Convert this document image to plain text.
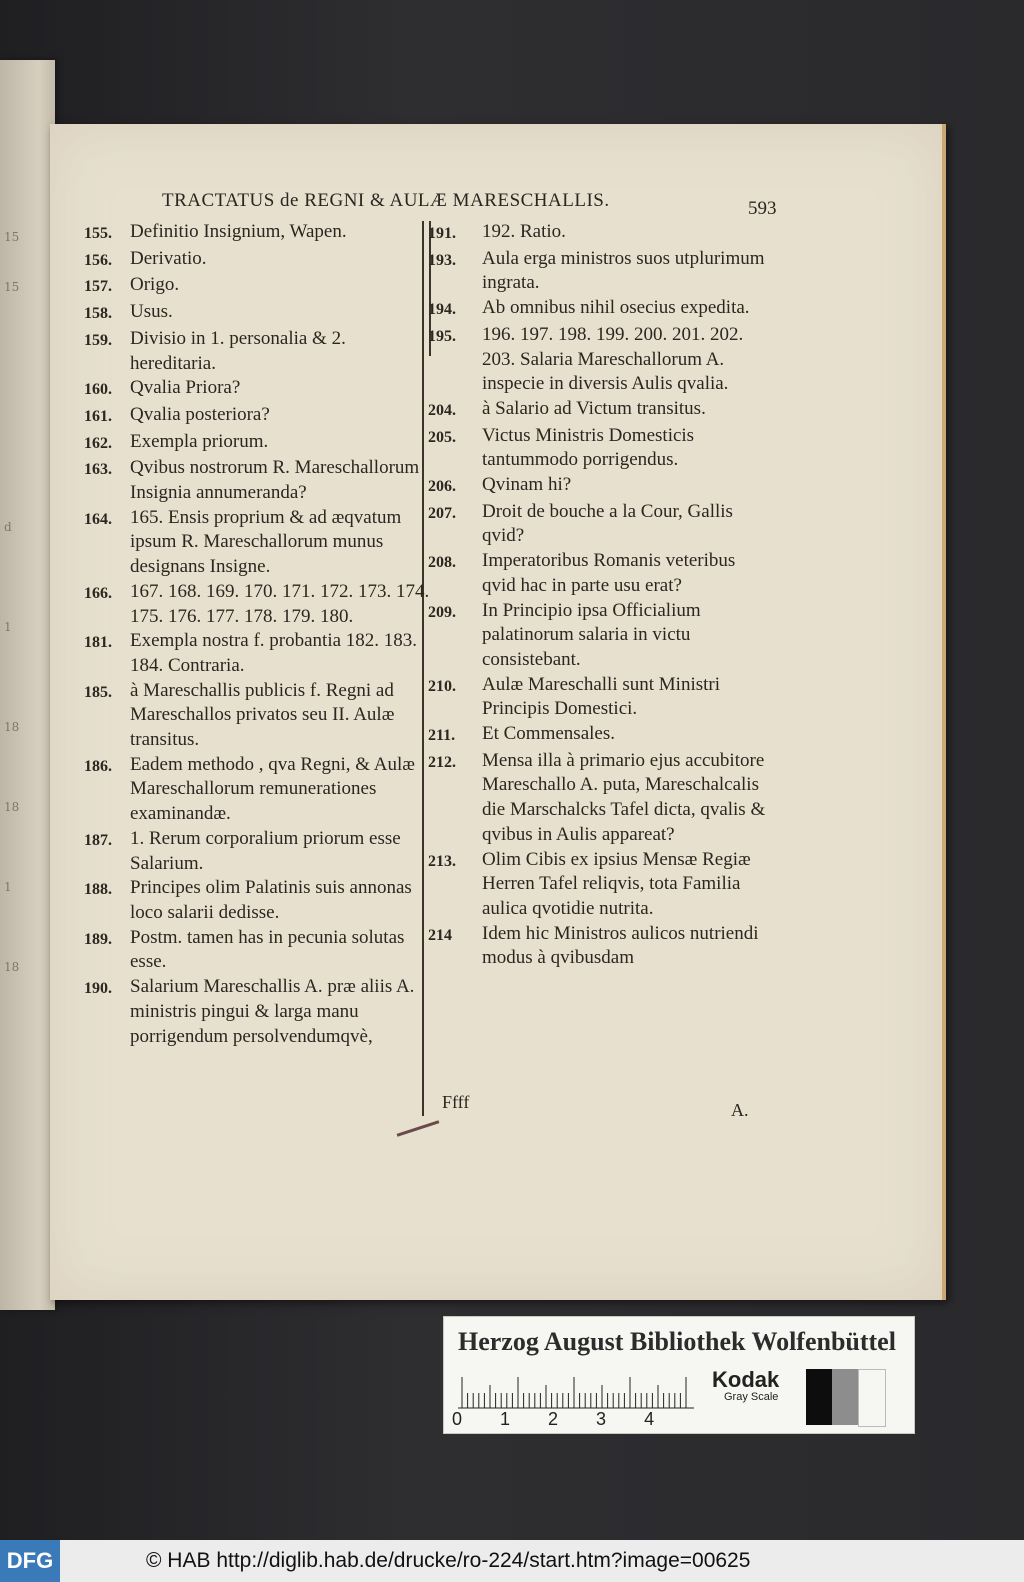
15
15
d
1
18
18
1
18
TRACTATUS de REGNI & AULÆ MARESCHALLIS.	593
155. Definitio Insignium, Wapen.
156. Derivatio.
157. Origo.
158. Usus.
159. Divisio in 1. personalia & 2. hereditaria.
160. Qvalia Priora?
161. Qvalia posteriora?
162. Exempla priorum.
163. Qvibus nostrorum R. Mareschallorum Insignia annumeranda?
164. 165. Ensis proprium & ad æqvatum ipsum R. Mareschallorum munus designans Insigne.
166. 167. 168. 169. 170. 171. 172. 173. 174. 175. 176. 177. 178. 179. 180.
181. Exempla nostra f. probantia 182. 183. 184. Contraria.
185. à Mareschallis publicis f. Regni ad Mareschallos privatos seu II. Aulæ transitus.
186. Eadem methodo , qva Regni, & Aulæ Mareschallorum remunerationes examinandæ.
187. 1. Rerum corporalium priorum esse Salarium.
188. Principes olim Palatinis suis annonas loco salarii dedisse.
189. Postm. tamen has in pecunia solutas esse.
190. Salarium Mareschallis A. præ aliis A. ministris pingui & larga manu porrigendum persolvendumqvè,
191.	192. Ratio.
193.	Aula erga ministros suos utplurimum ingrata.
194.	Ab omnibus nihil osecius expedita.
195.	196. 197. 198. 199. 200. 201. 202. 203. Salaria Mareschallorum A. inspecie in diversis Aulis qvalia.
204.	à Salario ad Victum transitus.
205.	Victus Ministris Domesticis tantummodo porrigendus.
206.	Qvinam hi?
207.	Droit de bouche a la Cour, Gallis qvid?
208.	Imperatoribus Romanis veteribus qvid hac in parte usu erat?
209.	In Principio ipsa Officialium palatinorum salaria in victu consistebant.
210.	Aulæ Mareschalli sunt Ministri Principis Domestici.
211.	Et Commensales.
212.	Mensa illa à primario ejus accubitore Mareschallo A. puta, Mareschalcalis die Marschalcks Tafel dicta, qvalis & qvibus in Aulis appareat?
213.	Olim Cibis ex ipsius Mensæ Regiæ Herren Tafel reliqvis, tota Familia aulica qvotidie nutrita.
214	Idem hic Ministros aulicos nutriendi modus à qvibusdam
Ffff	A.
Herzog August Bibliothek Wolfenbüttel
0 1 2 3 4
Kodak
Gray Scale
DFG	© HAB http://diglib.hab.de/drucke/ro-224/start.htm?image=00625
